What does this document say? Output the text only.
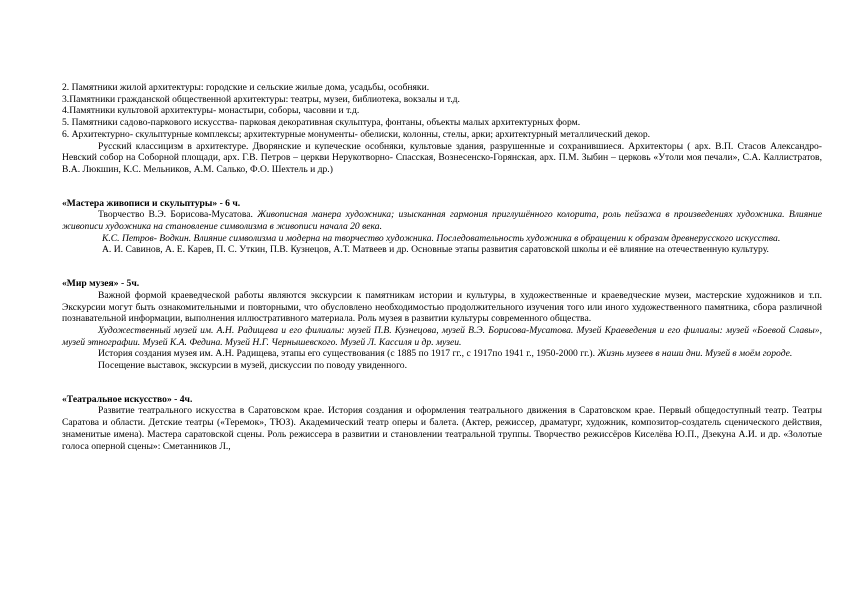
2. Памятники жилой архитектуры: городские и сельские жилые дома, усадьбы, особняки.

3.Памятники гражданской общественной архитектуры: театры, музеи, библиотека, вокзалы и т.д.

4.Памятники культовой архитектуры- монастыри, соборы, часовни и т.д.

5. Памятники садово-паркового искусства- парковая декоративная скульптура, фонтаны, объекты малых архитектурных форм.

6. Архитектурно- скульптурные комплексы; архитектурные монументы- обелиски, колонны, стелы, арки; архитектурный металлический декор.

Русский классицизм в архитектуре. Дворянские и купеческие особняки, культовые здания, разрушенные и сохранившиеся. Архитекторы ( арх. В.П. Стасов Александро- Невский собор на Соборной площади, арх. Г.В. Петров – церкви Нерукотворно- Спасская, Вознесенско-Горянская, арх. П.М. Зыбин – церковь «Утоли моя печали», С.А. Каллистратов, В.А. Люкшин, К.С. Мельников, А.М. Салько, Ф.О. Шехтель и др.)

«Мастера живописи и скульптуры» - 6 ч.

Творчество В.Э. Борисова-Мусатова. Живописная манера художника; изысканная гармония приглушённого колорита, роль пейзажа в произведениях художника. Влияние живописи художника на становление символизма в живописи начала 20 века.

К.С. Петров- Водкин. Влияние символизма и модерна на творчество художника. Последовательность художника в обращении к образам древнерусского искусства.

А. И. Савинов, А. Е. Карев, П. С. Уткин, П.В. Кузнецов, А.Т. Матвеев и др. Основные этапы развития саратовской школы и её влияние на отечественную культуру.

«Мир музея» - 5ч.

Важной формой краеведческой работы являются экскурсии к памятникам истории и культуры, в художественные и краеведческие музеи, мастерские художников и т.п. Экскурсии могут быть ознакомительными и повторными, что обусловлено необходимостью продолжительного изучения того или иного художественного памятника, сбора различной познавательной информации, выполнения иллюстративного материала. Роль музея в развитии культуры современного общества.

Художественный музей им. А.Н. Радищева и его филиалы: музей П.В. Кузнецова, музей В.Э. Борисова-Мусатова. Музей Краеведения и его филиалы: музей «Боевой Славы», музей этнографии. Музей К.А. Федина. Музей Н.Г. Чернышевского. Музей Л. Кассиля и др. музеи.

История создания музея им. А.Н. Радищева, этапы его существования (с 1885 по 1917 гг., с 1917по 1941 г., 1950-2000 гг.). Жизнь музеев в наши дни. Музей в моём городе.

Посещение выставок, экскурсии в музей, дискуссии по поводу увиденного.

«Театральное искусство» - 4ч.

Развитие театрального искусства в Саратовском крае. История создания и оформления театрального движения в Саратовском крае. Первый общедоступный театр. Театры Саратова и области. Детские театры («Теремок», ТЮЗ). Академический театр оперы и балета. (Актер, режиссер, драматург, художник, композитор-создатель сценического действия, знаменитые имена). Мастера саратовской сцены. Роль режиссера в развитии и становлении театральной труппы. Творчество режиссёров Киселёва Ю.П., Дзекуна А.И. и др. «Золотые голоса оперной сцены»: Сметанников Л.,
